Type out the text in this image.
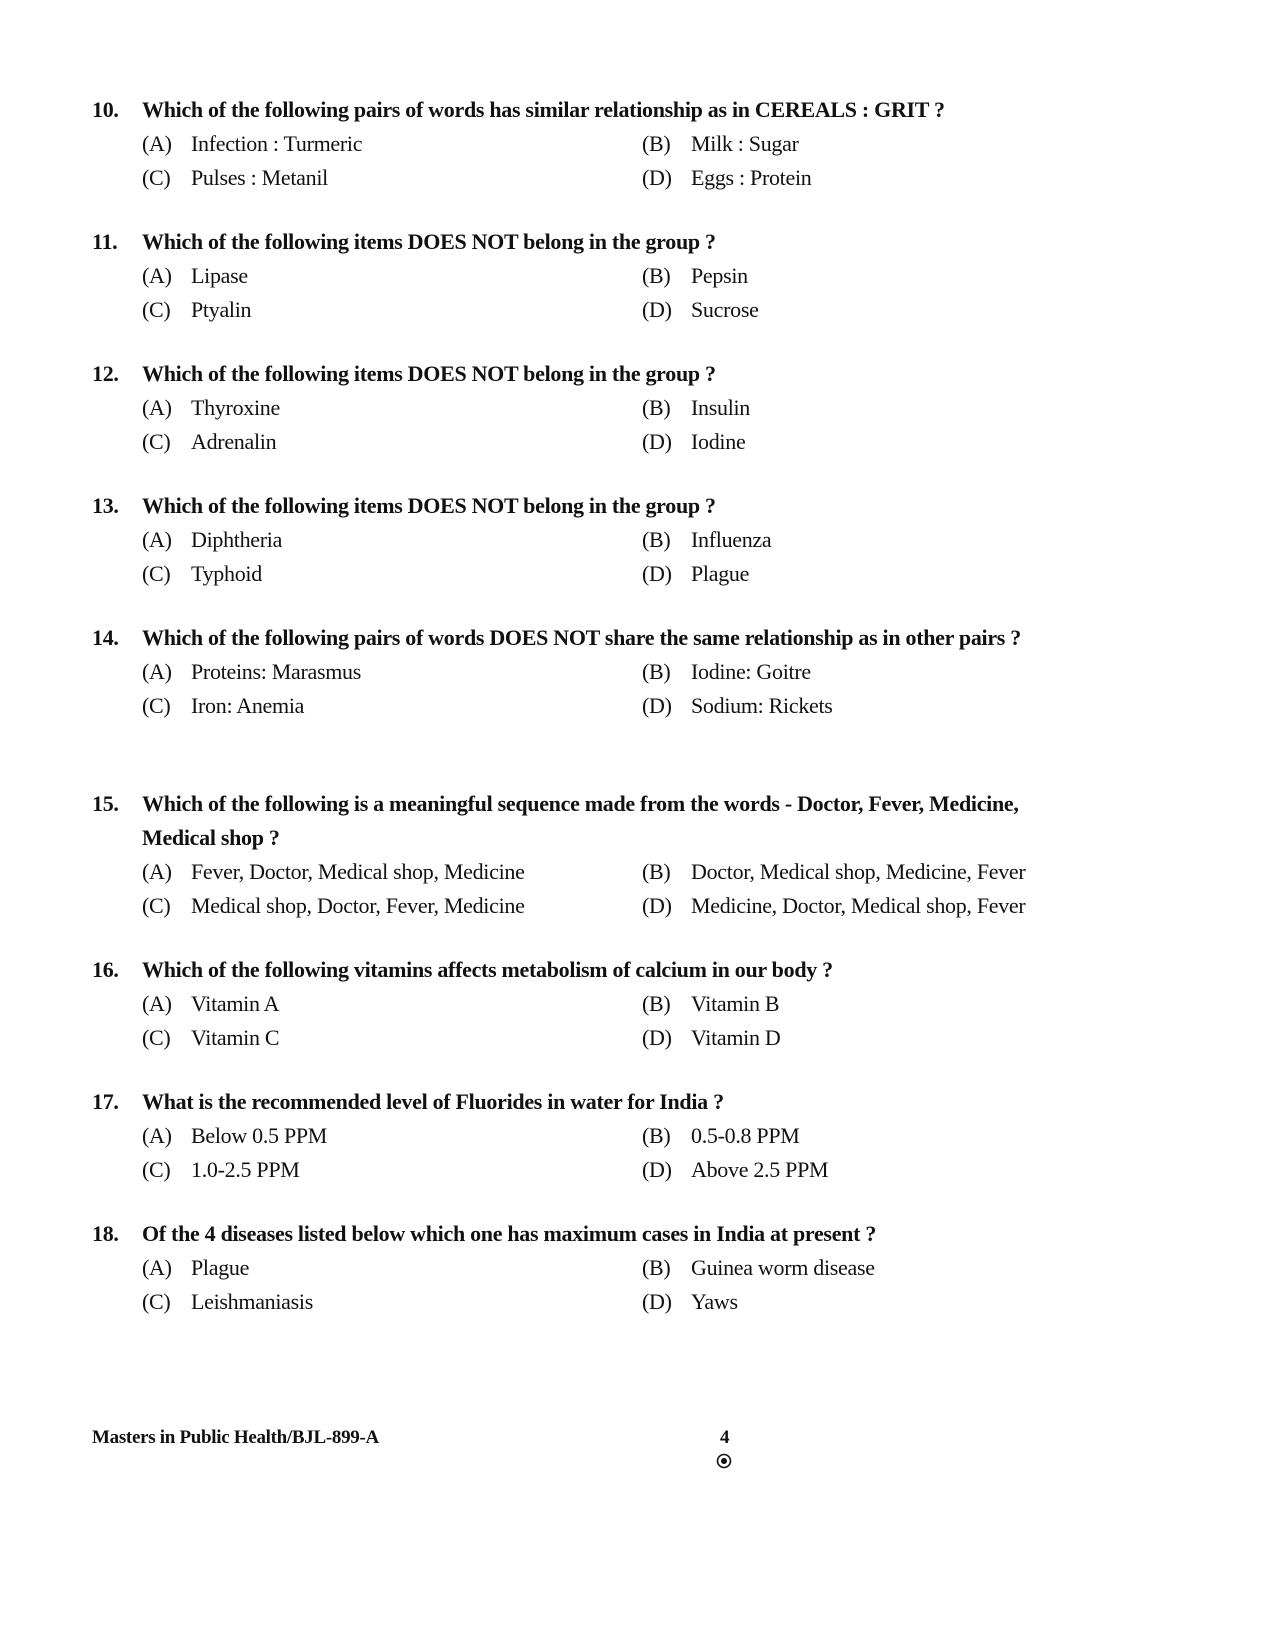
10.	Which of the following pairs of words has similar relationship as in CEREALS : GRIT ?
(A) Infection : Turmeric	(B) Milk : Sugar
(C) Pulses : Metanil	(D) Eggs : Protein
11.	Which of the following items DOES NOT belong in the group ?
(A) Lipase	(B) Pepsin
(C) Ptyalin	(D) Sucrose
12.	Which of the following items DOES NOT belong in the group ?
(A) Thyroxine	(B) Insulin
(C) Adrenalin	(D) Iodine
13.	Which of the following items DOES NOT belong in the group ?
(A) Diphtheria	(B) Influenza
(C) Typhoid	(D) Plague
14.	Which of the following pairs of words DOES NOT share the same relationship as in other pairs ?
(A) Proteins: Marasmus	(B) Iodine: Goitre
(C) Iron: Anemia	(D) Sodium: Rickets
15.	Which of the following is a meaningful sequence made from the words - Doctor, Fever, Medicine, Medical shop ?
(A) Fever, Doctor, Medical shop, Medicine	(B) Doctor, Medical shop, Medicine, Fever
(C) Medical shop, Doctor, Fever, Medicine	(D) Medicine, Doctor, Medical shop, Fever
16.	Which of the following vitamins affects metabolism of calcium in our body ?
(A) Vitamin A	(B) Vitamin B
(C) Vitamin C	(D) Vitamin D
17.	What is the recommended level of Fluorides in water for India ?
(A) Below 0.5 PPM	(B) 0.5-0.8 PPM
(C) 1.0-2.5 PPM	(D) Above 2.5 PPM
18.	Of the 4 diseases listed below which one has maximum cases in India at present ?
(A) Plague	(B) Guinea worm disease
(C) Leishmaniasis	(D) Yaws
Masters in Public Health/BJL-899-A	4
